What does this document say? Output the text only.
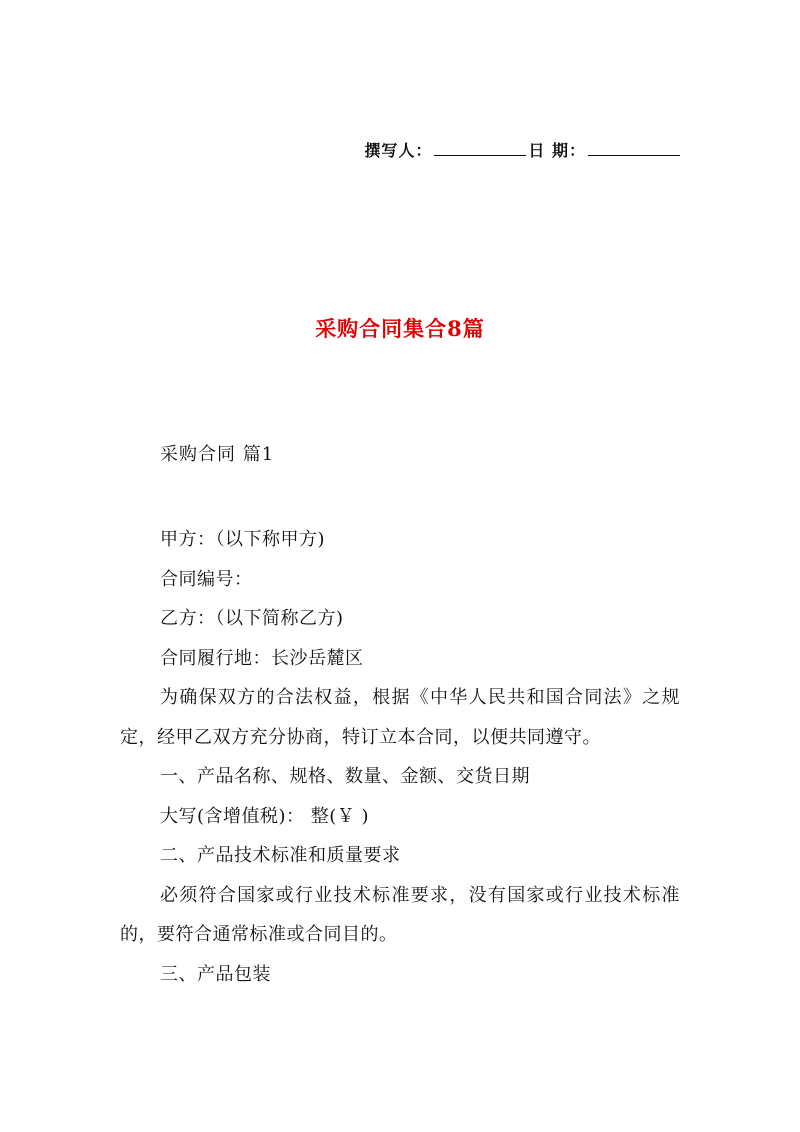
撰写人：	日 期：
采购合同集合8篇
采购合同 篇1

甲方：（以下称甲方)

合同编号：

乙方：（以下简称乙方)

合同履行地：长沙岳麓区

为确保双方的合法权益，根据《中华人民共和国合同法》之规定，经甲乙双方充分协商，特订立本合同，以便共同遵守。

一、产品名称、规格、数量、金额、交货日期

大写(含增值税)： 整(￥ )

二、产品技术标准和质量要求

必须符合国家或行业技术标准要求，没有国家或行业技术标准的，要符合通常标准或合同目的。

三、产品包装
